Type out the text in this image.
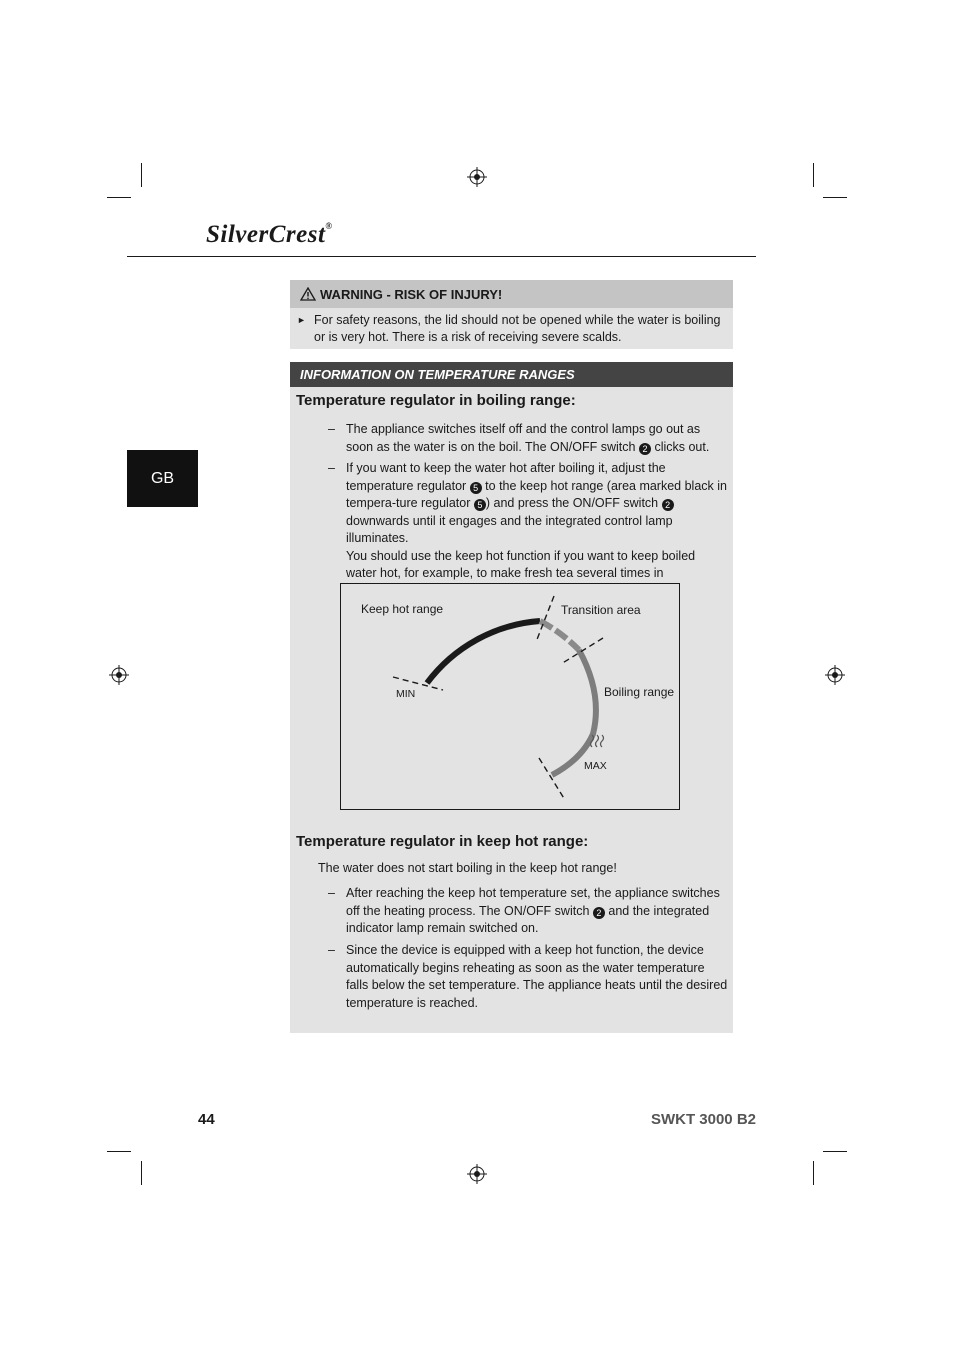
SilverCrest®
GB
WARNING - RISK OF INJURY!
► For safety reasons, the lid should not be opened while the water is boiling or is very hot. There is a risk of receiving severe scalds.
INFORMATION ON TEMPERATURE RANGES
Temperature regulator in boiling range:
– The appliance switches itself off and the control lamps go out as soon as the water is on the boil. The ON/OFF switch 2 clicks out.
– If you want to keep the water hot after boiling it, adjust the temperature regulator 5 to the keep hot range (area marked black in tempera-ture regulator 5 ) and press the ON/OFF switch 2 downwards until it engages and the integrated control lamp illuminates.
You should use the keep hot function if you want to keep boiled water hot, for example, to make fresh tea several times in
Keep hot range	Transition area
Boiling range
MIN
MAX
Temperature regulator in keep hot range:
The water does not start boiling in the keep hot range!
– After reaching the keep hot temperature set, the appliance switches off the heating process. The ON/OFF switch 2 and the integrated indicator lamp remain switched on.
– Since the device is equipped with a keep hot function, the device automatically begins reheating as soon as the water temperature falls below the set temperature. The appliance heats until the desired temperature is reached.
44	SWKT 3000 B2
